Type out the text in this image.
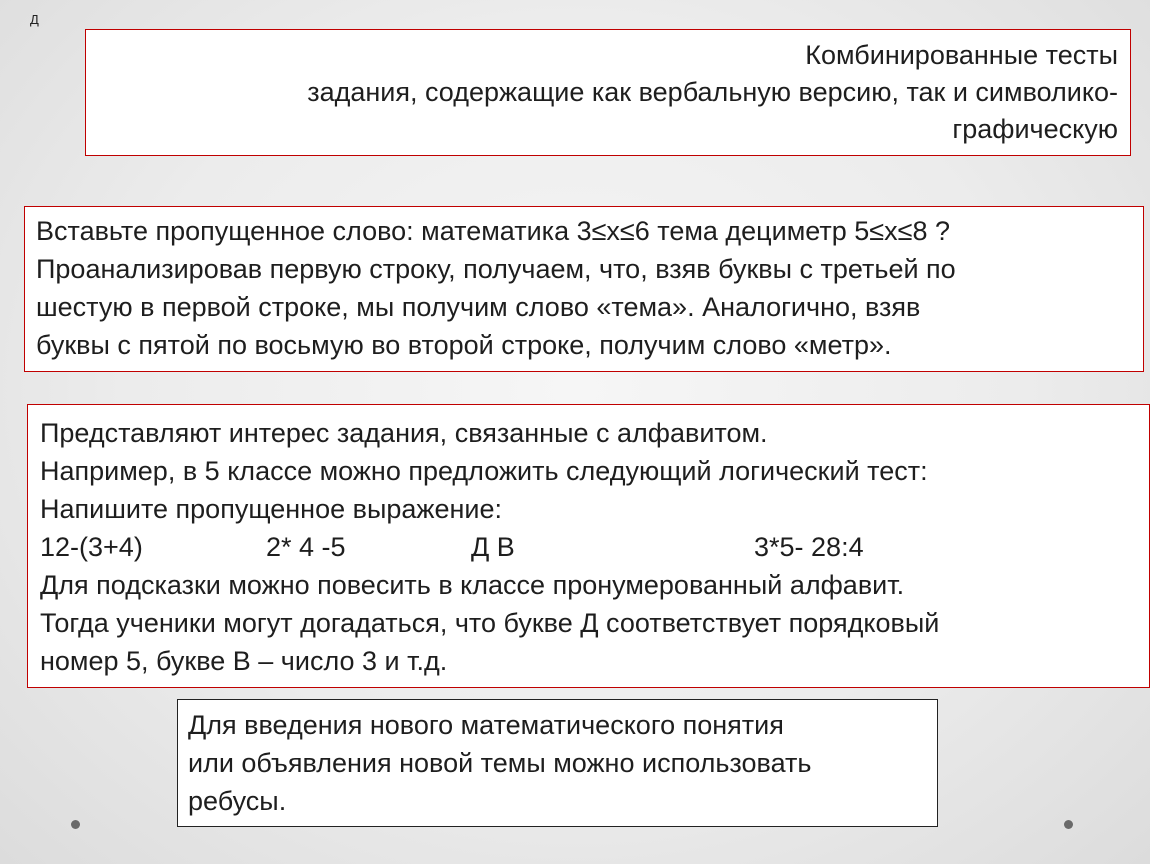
Д
Комбинированные тесты
задания, содержащие как вербальную версию, так и символико-
графическую
Вставьте пропущенное слово: математика 3≤х≤6 тема дециметр 5≤х≤8 ?
Проанализировав первую строку, получаем, что, взяв буквы с третьей по
шестую в первой строке, мы получим слово «тема». Аналогично, взяв
буквы с пятой по восьмую во второй строке, получим слово «метр».
Представляют интерес задания, связанные с алфавитом.
Например, в 5 классе можно предложить следующий логический тест:
Напишите пропущенное выражение:
12-(3+4)	2* 4 -5	Д В	3*5- 28:4
Для подсказки можно повесить в классе пронумерованный алфавит.
Тогда ученики могут догадаться, что букве Д соответствует порядковый
номер 5, букве В – число 3 и т.д.
Для введения нового математического понятия
или объявления новой темы можно использовать
ребусы.
